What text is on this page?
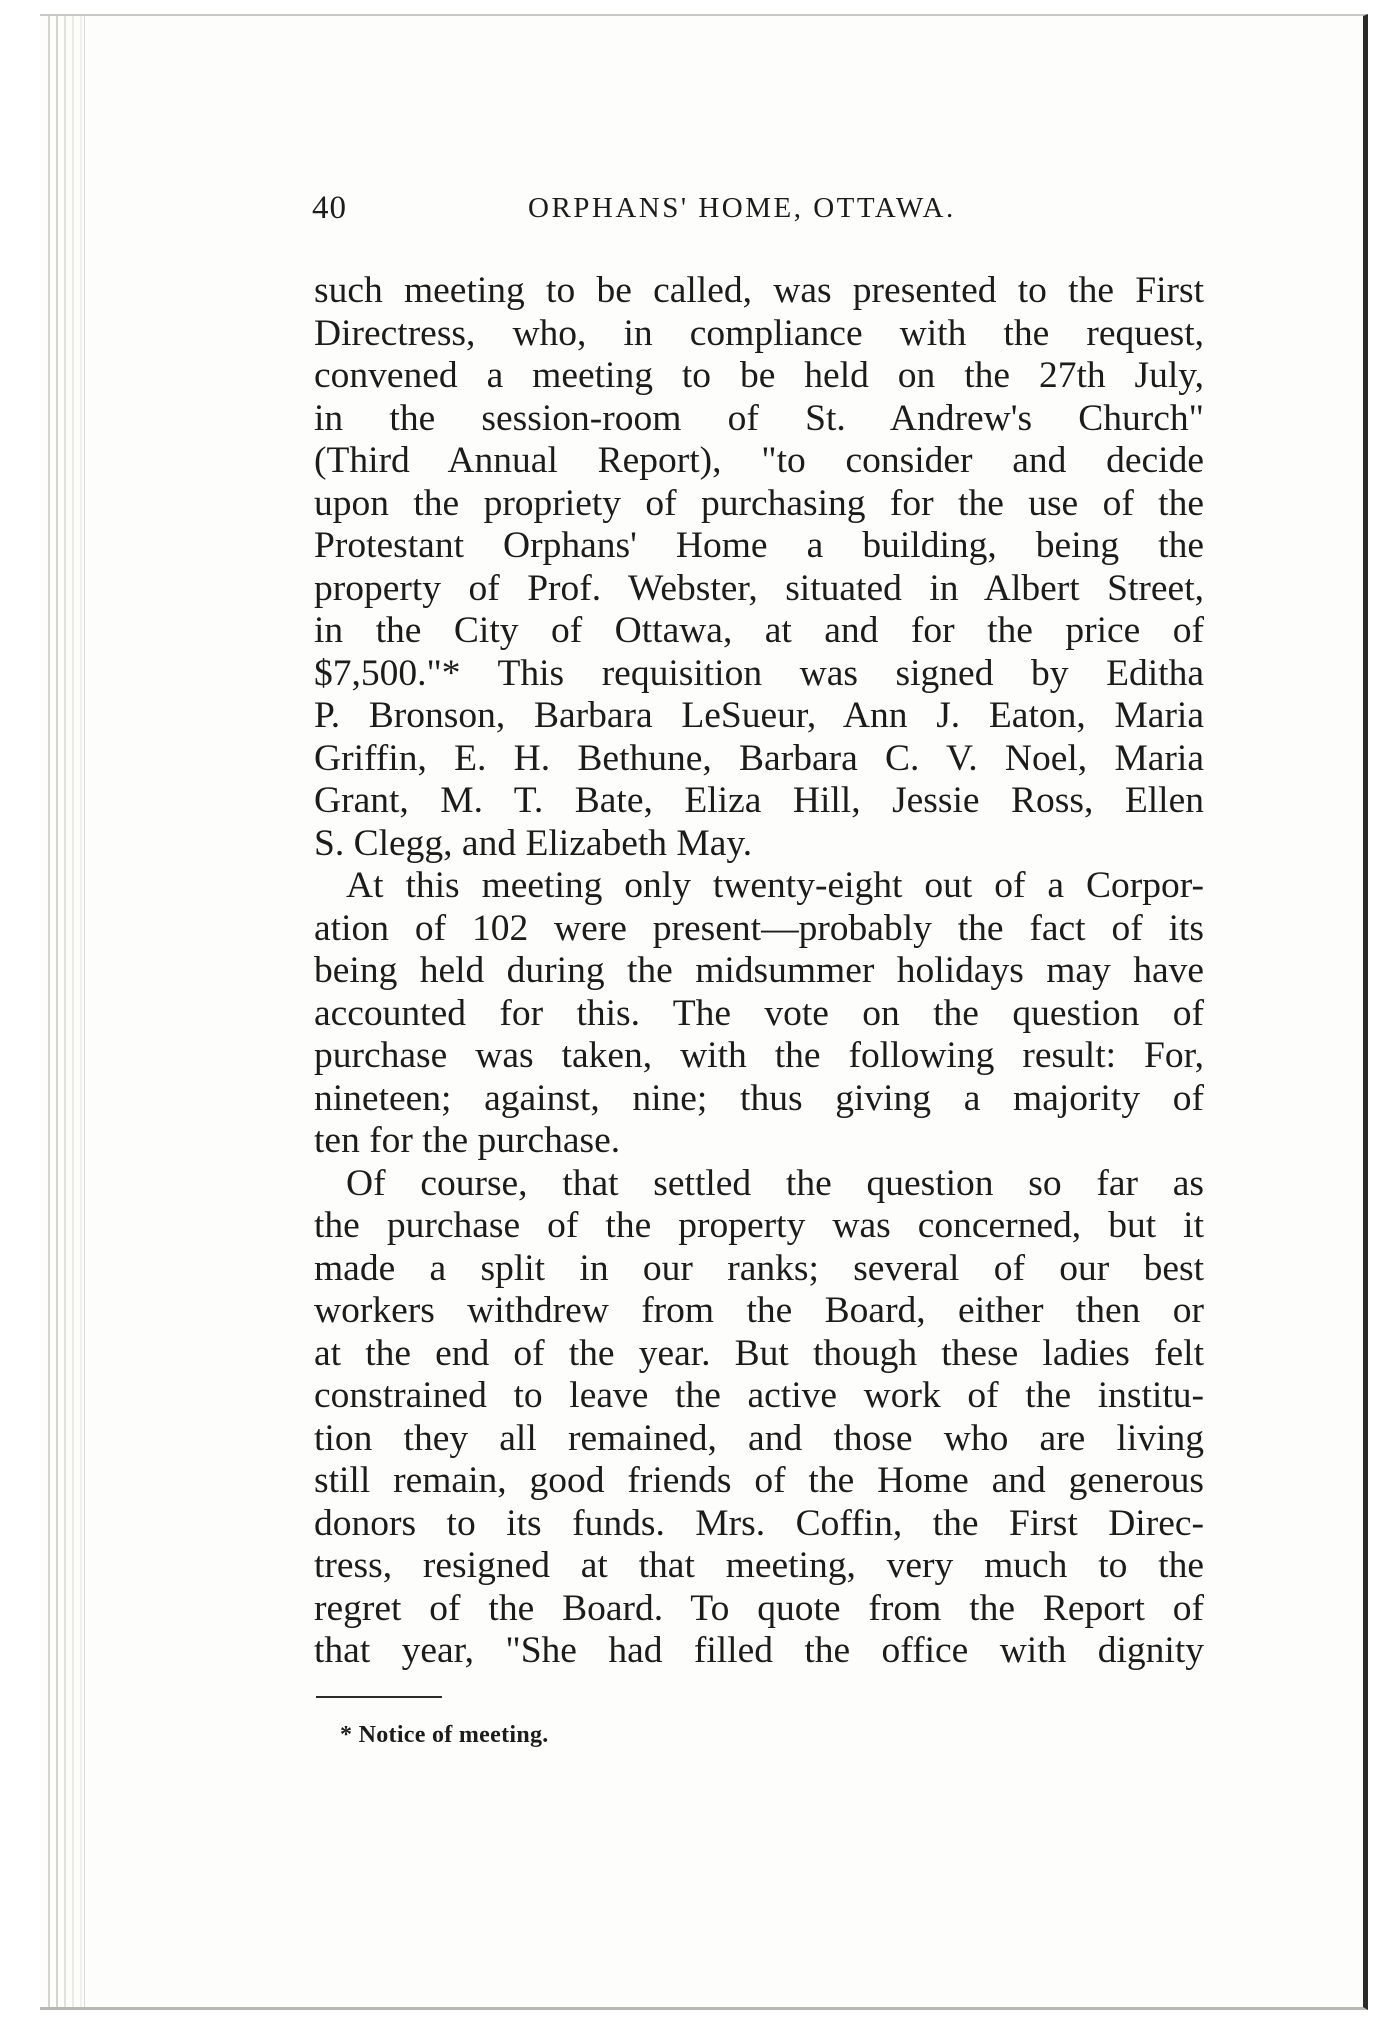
40	ORPHANS' HOME, OTTAWA.

such meeting to be called, was presented to the First

Directress, who, in compliance with the request,

convened a meeting to be held on the 27th July,

in the session-room of St. Andrew's Church"

(Third Annual Report), "to consider and decide

upon the propriety of purchasing for the use of the

Protestant Orphans' Home a building, being the

property of Prof. Webster, situated in Albert Street,

in the City of Ottawa, at and for the price of

$7,500."* This requisition was signed by Editha

P. Bronson, Barbara LeSueur, Ann J. Eaton, Maria

Griffin, E. H. Bethune, Barbara C. V. Noel, Maria

Grant, M. T. Bate, Eliza Hill, Jessie Ross, Ellen

S. Clegg, and Elizabeth May.

At this meeting only twenty-eight out of a Corpor-

ation of 102 were present—probably the fact of its

being held during the midsummer holidays may have

accounted for this. The vote on the question of

purchase was taken, with the following result: For,

nineteen; against, nine; thus giving a majority of

ten for the purchase.

Of course, that settled the question so far as

the purchase of the property was concerned, but it

made a split in our ranks; several of our best

workers withdrew from the Board, either then or

at the end of the year. But though these ladies felt

constrained to leave the active work of the institu-

tion they all remained, and those who are living

still remain, good friends of the Home and generous

donors to its funds. Mrs. Coffin, the First Direc-

tress, resigned at that meeting, very much to the

regret of the Board. To quote from the Report of

that year, "She had filled the office with dignity

* Notice of meeting.
